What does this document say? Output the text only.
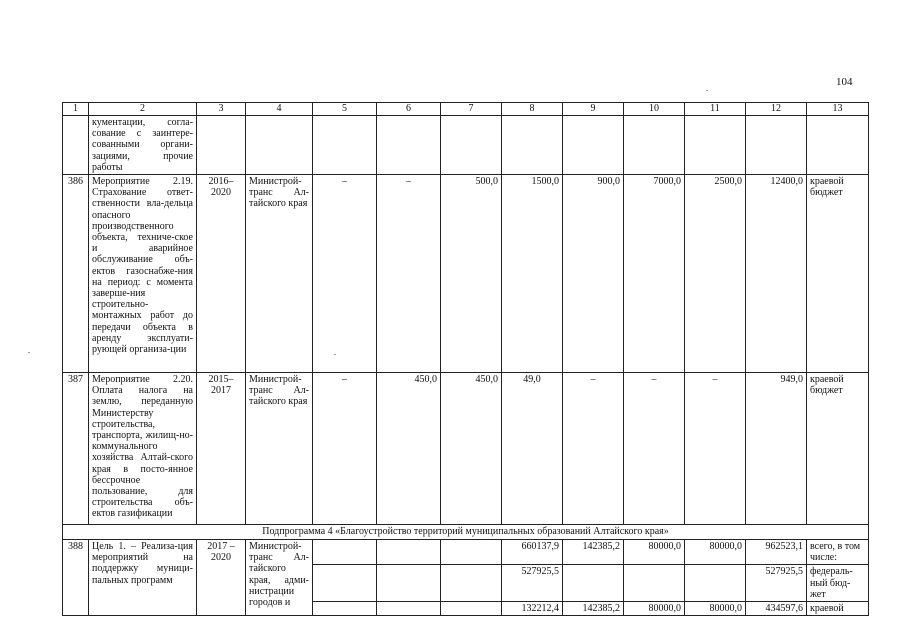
104
1	2	3	4	5	6	7	8	9	10	11	12	13
	кументации, согла-сование с заинтере-сованными органи-зациями, прочие работы											
386	Мероприятие 2.19. Страхование ответ-ственности вла-дельца опасного производственного объекта, техниче-ское и аварийное обслуживание объ-ектов газоснабже-ния на период: с момента заверше-ния строительно-монтажных работ до передачи объекта в аренду эксплуати-рующей организа-ции	2016–2020	Министрой-транс Ал-тайского края	–	–	500,0	1500,0	900,0	7000,0	2500,0	12400,0	краевой бюджет
387	Мероприятие 2.20. Оплата налога на землю, переданную Министерству строительства, транспорта, жилищ-но-коммунального хозяйства Алтай-ского края в посто-янное бессрочное пользование, для строительства объ-ектов газификации	2015–2017	Министрой-транс Ал-тайского края	–	450,0	450,0	49,0	–	–	–	949,0	краевой бюджет
Подпрограмма 4 «Благоустройство территорий муниципальных образований Алтайского края»												
388	Цель 1. – Реализа-ция мероприятий на поддержку муници-пальных программ	2017 – 2020	Министрой-транс Ал-тайского края, адми-нистрации городов и				660137,9	142385,2	80000,0	80000,0	962523,1	всего, в том числе:
							527925,5				527925,5	федераль-ный бюд-жет
							132212,4	142385,2	80000,0	80000,0	434597,6	краевой
